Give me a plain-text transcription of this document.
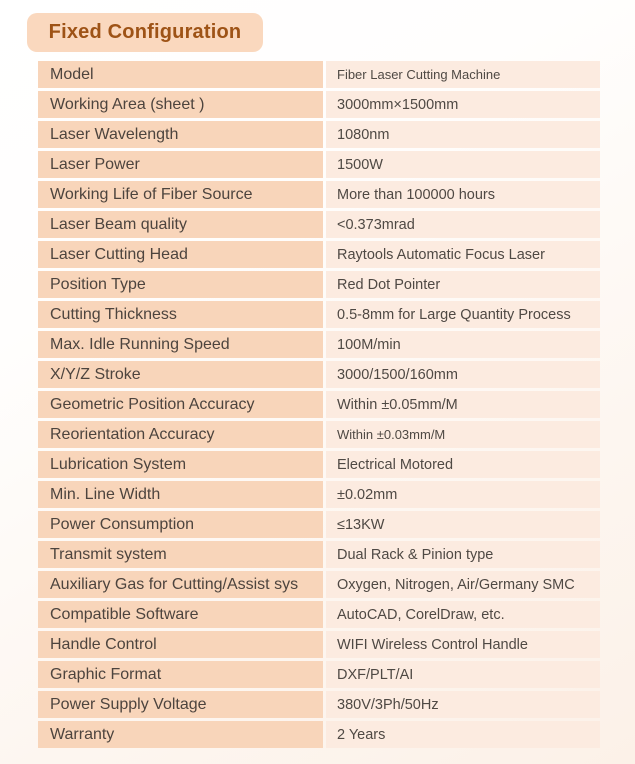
Fixed Configuration
Model	Fiber Laser Cutting Machine
Working Area (sheet )	3000mm×1500mm
Laser Wavelength	1080nm
Laser Power	1500W
Working Life of Fiber Source	More than 100000 hours
Laser Beam quality	<0.373mrad
Laser Cutting Head	Raytools Automatic Focus Laser
Position Type	Red Dot Pointer
Cutting Thickness	0.5-8mm for Large Quantity Process
Max. Idle Running Speed	100M/min
X/Y/Z Stroke	3000/1500/160mm
Geometric Position Accuracy	Within ±0.05mm/M
Reorientation Accuracy	Within ±0.03mm/M
Lubrication System	Electrical Motored
Min. Line Width	±0.02mm
Power Consumption	≤13KW
Transmit system	Dual Rack & Pinion type
Auxiliary Gas for Cutting/Assist sys	Oxygen, Nitrogen, Air/Germany SMC
Compatible Software	AutoCAD, CorelDraw, etc.
Handle Control	WIFI Wireless Control Handle
Graphic Format	DXF/PLT/AI
Power Supply Voltage	380V/3Ph/50Hz
Warranty	2 Years
